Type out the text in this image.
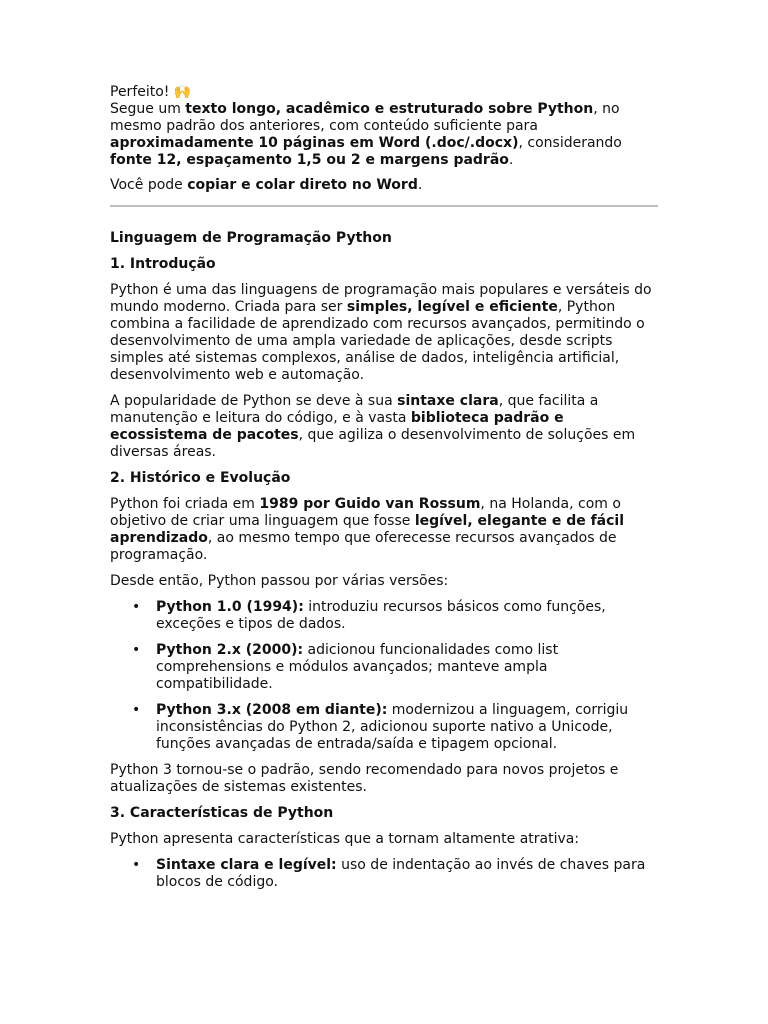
Perfeito! 🙌
Segue um texto longo, acadêmico e estruturado sobre Python, no mesmo padrão dos anteriores, com conteúdo suficiente para aproximadamente 10 páginas em Word (.doc/.docx), considerando fonte 12, espaçamento 1,5 ou 2 e margens padrão.

Você pode copiar e colar direto no Word.

Linguagem de Programação Python

1. Introdução

Python é uma das linguagens de programação mais populares e versáteis do mundo moderno. Criada para ser simples, legível e eficiente, Python combina a facilidade de aprendizado com recursos avançados, permitindo o desenvolvimento de uma ampla variedade de aplicações, desde scripts simples até sistemas complexos, análise de dados, inteligência artificial, desenvolvimento web e automação.

A popularidade de Python se deve à sua sintaxe clara, que facilita a manutenção e leitura do código, e à vasta biblioteca padrão e ecossistema de pacotes, que agiliza o desenvolvimento de soluções em diversas áreas.

2. Histórico e Evolução

Python foi criada em 1989 por Guido van Rossum, na Holanda, com o objetivo de criar uma linguagem que fosse legível, elegante e de fácil aprendizado, ao mesmo tempo que oferecesse recursos avançados de programação.

Desde então, Python passou por várias versões:

• Python 1.0 (1994): introduziu recursos básicos como funções, exceções e tipos de dados.
• Python 2.x (2000): adicionou funcionalidades como list comprehensions e módulos avançados; manteve ampla compatibilidade.
• Python 3.x (2008 em diante): modernizou a linguagem, corrigiu inconsistências do Python 2, adicionou suporte nativo a Unicode, funções avançadas de entrada/saída e tipagem opcional.

Python 3 tornou-se o padrão, sendo recomendado para novos projetos e atualizações de sistemas existentes.

3. Características de Python

Python apresenta características que a tornam altamente atrativa:

• Sintaxe clara e legível: uso de indentação ao invés de chaves para blocos de código.
